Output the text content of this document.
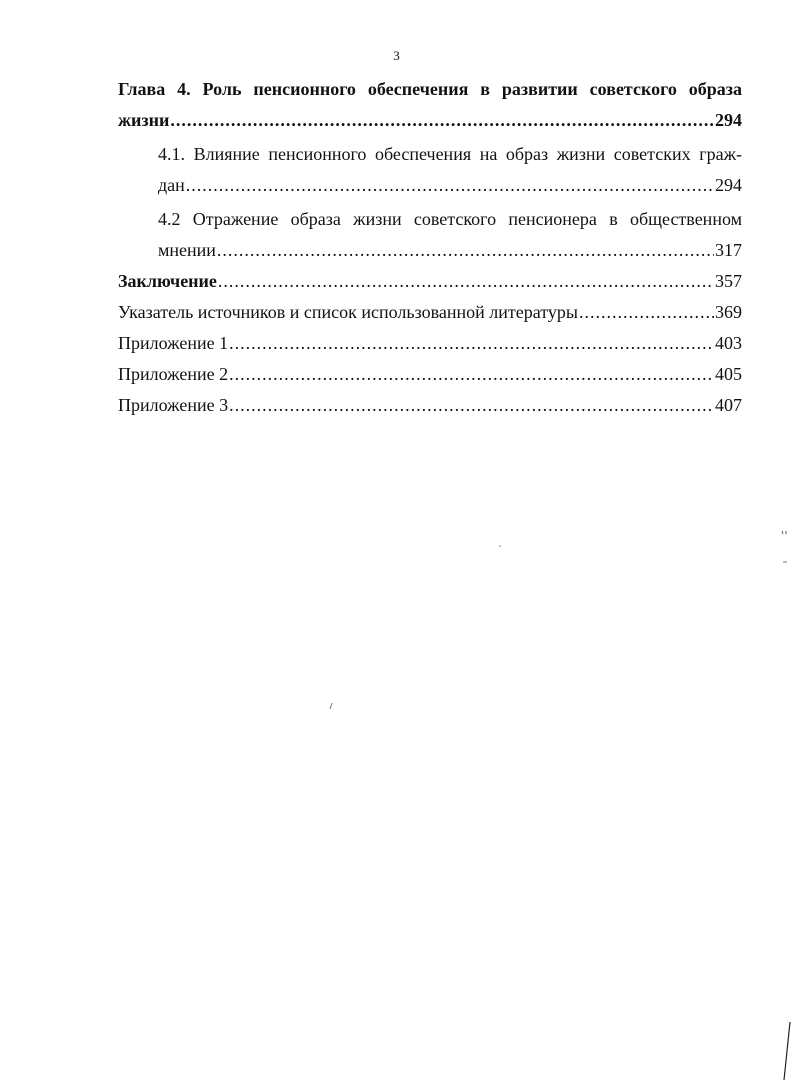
3
Глава 4. Роль пенсионного обеспечения в развитии советского образа
жизни .....	294
4.1. Влияние пенсионного обеспечения на образ жизни советских граж-
дан .....	294
4.2 Отражение образа жизни советского пенсионера в общественном
мнении .....	317
Заключение .....	357
Указатель источников и список использованной литературы .....	369
Приложение 1 .....	403
Приложение 2 .....	405
Приложение 3 .....	407
